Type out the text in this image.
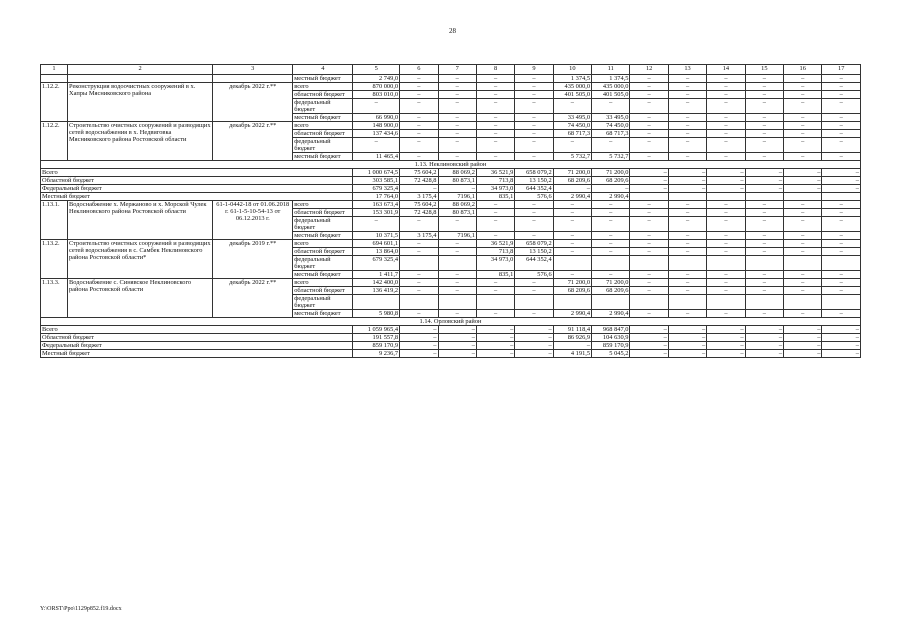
28
1	2	3	4	5	6	7	8	9	10	11	12	13	14	15	16	17
			местный бюджет	2 749,0	–	–	–	–	1 374,5	1 374,5	–	–	–	–	–	–
1.12.2.	Реконструкция водоочистных сооружений в х. Хапры Мясниковского района	декабрь 2022 г.**	всего	870 000,0	–	–	–	–	435 000,0	435 000,0	–	–	–	–	–	–
			областной бюджет	803 010,0	–	–	–	–	401 505,0	401 505,0	–	–	–	–	–	–
			федеральный бюджет	–	–	–	–	–	–	–	–	–	–	–	–	–
			местный бюджет	66 990,0	–	–	–	–	33 495,0	33 495,0	–	–	–	–	–	–
1.12.2.	Строительство очистных сооружений и разводящих сетей водоснабжения в х. Недвиговка Мясниковского района Ростовской области	декабрь 2022 г.**	всего	148 900,0	–	–	–	–	74 450,0	74 450,0	–	–	–	–	–	–
			областной бюджет	137 434,6	–	–	–	–	68 717,3	68 717,3	–	–	–	–	–	–
			федеральный бюджет	–	–	–	–	–	–	–	–	–	–	–	–	–
			местный бюджет	11 465,4	–	–	–	–	5 732,7	5 732,7	–	–	–	–	–	–
1.13. Неклиновский район																
Всего				1 000 674,5	75 604,2	88 069,2	36 521,9	658 079,2	71 200,0	71 200,0	–	–	–	–	–	–
Областной бюджет				303 585,1	72 428,8	80 873,1	713,8	13 150,2	68 209,6	68 209,6	–	–	–	–	–	–
Федеральный бюджет				679 325,4	–	–	34 973,0	644 352,4	–	–	–	–	–	–	–	–
Местный бюджет				17 764,0	3 175,4	7196,1	835,1	576,6	2 990,4	2 990,4						
1.13.1.	Водоснабжение х. Мержаново и х. Морской Чулек Неклиновского района Ростовской области	61-1-0442-18 от 01.06.2018 г. 61-1-5-10-54-13 от 06.12.2013 г.	всего	163 673,4	75 604,2	88 069,2	–	–	–	–	–	–	–	–	–	–
			областной бюджет	153 301,9	72 428,8	80 873,1	–	–	–	–	–	–	–	–	–	–
			федеральный бюджет	–	–	–	–	–	–	–	–	–	–	–	–	–
			местный бюджет	10 371,5	3 175,4	7196,1	–	–	–	–	–	–	–	–	–	–
1.13.2.	Строительство очистных сооружений и разводящих сетей водоснабжения в с. Самбек Неклиновского района Ростовской области*	декабрь 2019 г.**	всего	694 601,1	–	–	36 521,9	658 079,2	–	–	–	–	–	–	–	–
			областной бюджет	13 864,0	–	–	713,8	13 150,2	–	–	–	–	–	–	–	–
			федеральный бюджет	679 325,4			34 973,0	644 352,4								
			местный бюджет	1 411,7	–	–	835,1	576,6	–	–	–	–	–	–	–	–
1.13.3.	Водоснабжение с. Синявское Неклиновского района Ростовской области	декабрь 2022 г.**	всего	142 400,0	–	–	–	–	71 200,0	71 200,0	–	–	–	–	–	–
			областной бюджет	136 419,2	–	–	–	–	68 209,6	68 209,6	–	–	–	–	–	–
			федеральный бюджет													
			местный бюджет	5 980,8	–	–	–	–	2 990,4	2 990,4	–	–	–	–	–	–
1.14. Орловский район																
Всего				1 059 965,4	–	–	–	–	91 118,4	968 847,0	–	–	–	–	–	–
Областной бюджет				191 557,8	–	–	–	–	86 926,9	104 630,9	–	–	–	–	–	–
Федеральный бюджет				859 170,9	–	–	–	–	–	859 170,9	–	–	–	–	–	–
Местный бюджет				9 236,7	–	–	–	–	4 191,5	5 045,2	–	–	–	–	–	–
Y:\ORST\Ppo\1129p852.f19.docx
